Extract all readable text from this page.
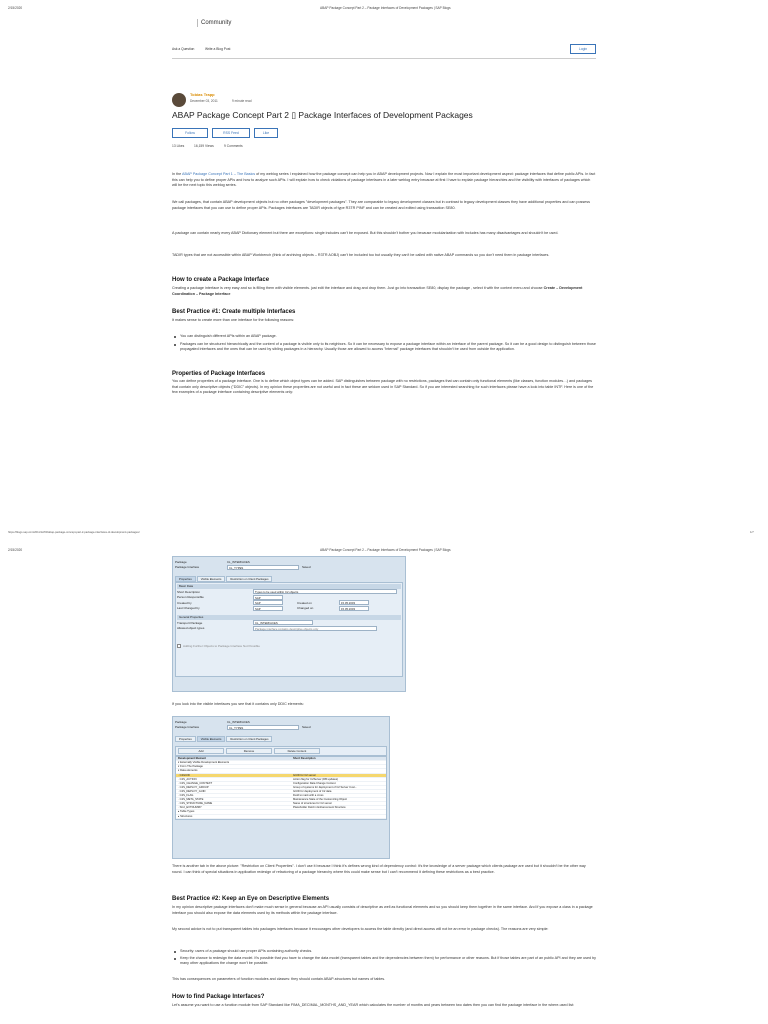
2/15/2020	ABAP Package Concept Part 2 – Package Interfaces of Development Packages | SAP Blogs
Community
Ask a Question	Write a Blog Post	Login
Tobias Trapp
December 03, 2011	9 minute read
ABAP Package Concept Part 2 ▯ Package Interfaces of Development Packages
Follow	RSS Feed	Like
13 Likes	16,159 Views	9 Comments

In the ABAP Package Concept Part 1 – The Basics of my weblog series I explained how the package concept can help you in ABAP development projects. Now I explain the most important development aspect: package interfaces that define public APIs. In fact this can help you to define proper APIs and how to analyze such APIs. I will explain how to check violations of package interfaces in a later weblog entry because at first I have to explain package hierarchies and the visibility with interfaces of packages which will be the next topic this weblog series.

We call packages, that contain ABAP development objects but no other packages "development packages". They are comparable to legacy development classes but in contrast to legacy development classes they have additional properties and can possess package interfaces that you can use to define proper APIs. Packages interfaces are TADIR objects of type R3TR PINF and can be created and edited using transaction SE80.

A package can contain nearly every ABAP Dictionary element but there are exceptions: single includes can't be exposed. But this shouldn't bother you because modularization with includes has many disadvantages and shouldn't be used.

TADIR types that are not accessible within ABAP Workbench (think of archiving objects – R3TR AOBJ) can't be included too but usually they can't be called with native ABAP commands so you don't need them in package interfaces.

How to create a Package Interface

Creating a package interface is very easy and so is filling them with visible elements. just edit the interface and drag and drop them. Just go into transaction SE80, display the package , select it with the context menu and choose Create – Development Coordination – Package Interface

Best Practice #1: Create multiple Interfaces

It makes sense to create more than one interface for the following reasons:

You can distinguish different APIs within an ABAP package.

Packages can be structured hierarchically and the content of a package is visible only to its neighbors. So it can be necessary to expose a package interface within an interface of the parent package. So it can be a good design to distinguish between those propagated interfaces and the ones that can be used by sibling packages in a hierarchy. Usually those are allowed to access "internal" package interfaces that shouldn't be used from outside the application.

Properties of Package Interfaces

You can define properties of a package interface. One is to define which object types can be added. SAP distinguishes between package with no restrictions, packages that can contain only functional elements (like classes, function modules…) and packages that contain only descriptive objects ("DDIC" objects). In my opinion these properties are not useful and in fact these are seldom used in SAP Standard. So if you are interested searching for such interfaces please have a look into table INTF. Here is one of the few examples of a package interface containing descriptive elements only:

https://blogs.sap.com/2011/12/03/abap-package-concept-part-2-package-interfaces-of-development-packages/	1/7
2/15/2020	ABAP Package Concept Part 2 – Package Interfaces of Development Packages | SAP Blogs
Package	CL_INTERFACES
Package Interface	CL_TYPES	Saved
Properties	Visible Elements	Restriction on Client Packages
Basic Data
Short Description	Types to be used within C2 objects
Person Responsible	SAP
Created by	SAP	Created on	15.05.2003
Last Changed by	SAP	Changed on	15.05.2003
General Properties
Transport Package	CL_INTERFACES
Allowed object types	Package interface contains descriptive objects only
Adding Further Objects to Package Interface Not Possible

If you look into the visible interfaces you see that it contains only DDIC elements:

Package	CL_INTERFACES
Package Interface	CL_TYPES	Saved
Properties	Visible Elements	Restriction on Client Packages
Add	Remove	Delete Content
Development Element	Short Description
▾ Externally Visible Development Elements
▾ From The Package
▾ Data elements
· C2GUID	GUID for C2 server
· C2S_ACTION	Action flag for C2Server (DB updates)
· C2S_CHANGE_CONTEXT	Configuration Data Change Context
· C2S_DEPLOY_GROUP	Group of systems for deployment of C2 Server Cust...
· C2S_DEPLOY_GUID	GUID for deployment of C2 data
· C2S_FLAG	Field to mark with a cross
· C2S_META_STATE	Maintenance State of the Customizing Object
· C2S_STRUCTURE_NAME	Name of structures for C2 server
· SC2_EXTDUMMY	Placeholder Field in Enhancement Structure
▸ Table Types
▸ Structures

There is another tab in the above picture: "Restriction on Client Properties". I don't use it because I think it's defines wrong kind of dependency control: it's the knowledge of a server package which clients package are used but it shouldn't be the other way round. I can think of special situations in application redesign of refactoring of a package hierarchy where this could make sense but I can't recommend it defining these restrictions as a best practice.

Best Practice #2: Keep an Eye on Descriptive Elements

In my opinion descriptive package interfaces don't make much sense in general because an API usually consists of descriptive as well as functional elements and so you should keep them together in the same interface. And if you expose a class in a package interface you should also expose the data elements used by its methods within the package interface.

My second advice is not to put transparent tables into packages interfaces because it encourages other developers to access the table directly (and direct access will not be an error in package checks). The reasons are very simple:

Security: users of a package should use proper APIs containing authority checks.

Keep the chance to redesign the data model. It's possible that you have to change the data model (transparent tables and the dependencies between them) for performance or other reasons. But if those tables are part of an public API and they are used by many other applications the change won't be possible.

This has consequences on parameters of function modules and classes: they should contain ABAP-structures but names of tables.

How to find Package Interfaces?

Let's assume you want to use a function module from SAP Standard like FIMA_DECIMAL_MONTHS_AND_YEAR which calculates the number of months and years between two dates then you can find the package interface in the where-used list:
